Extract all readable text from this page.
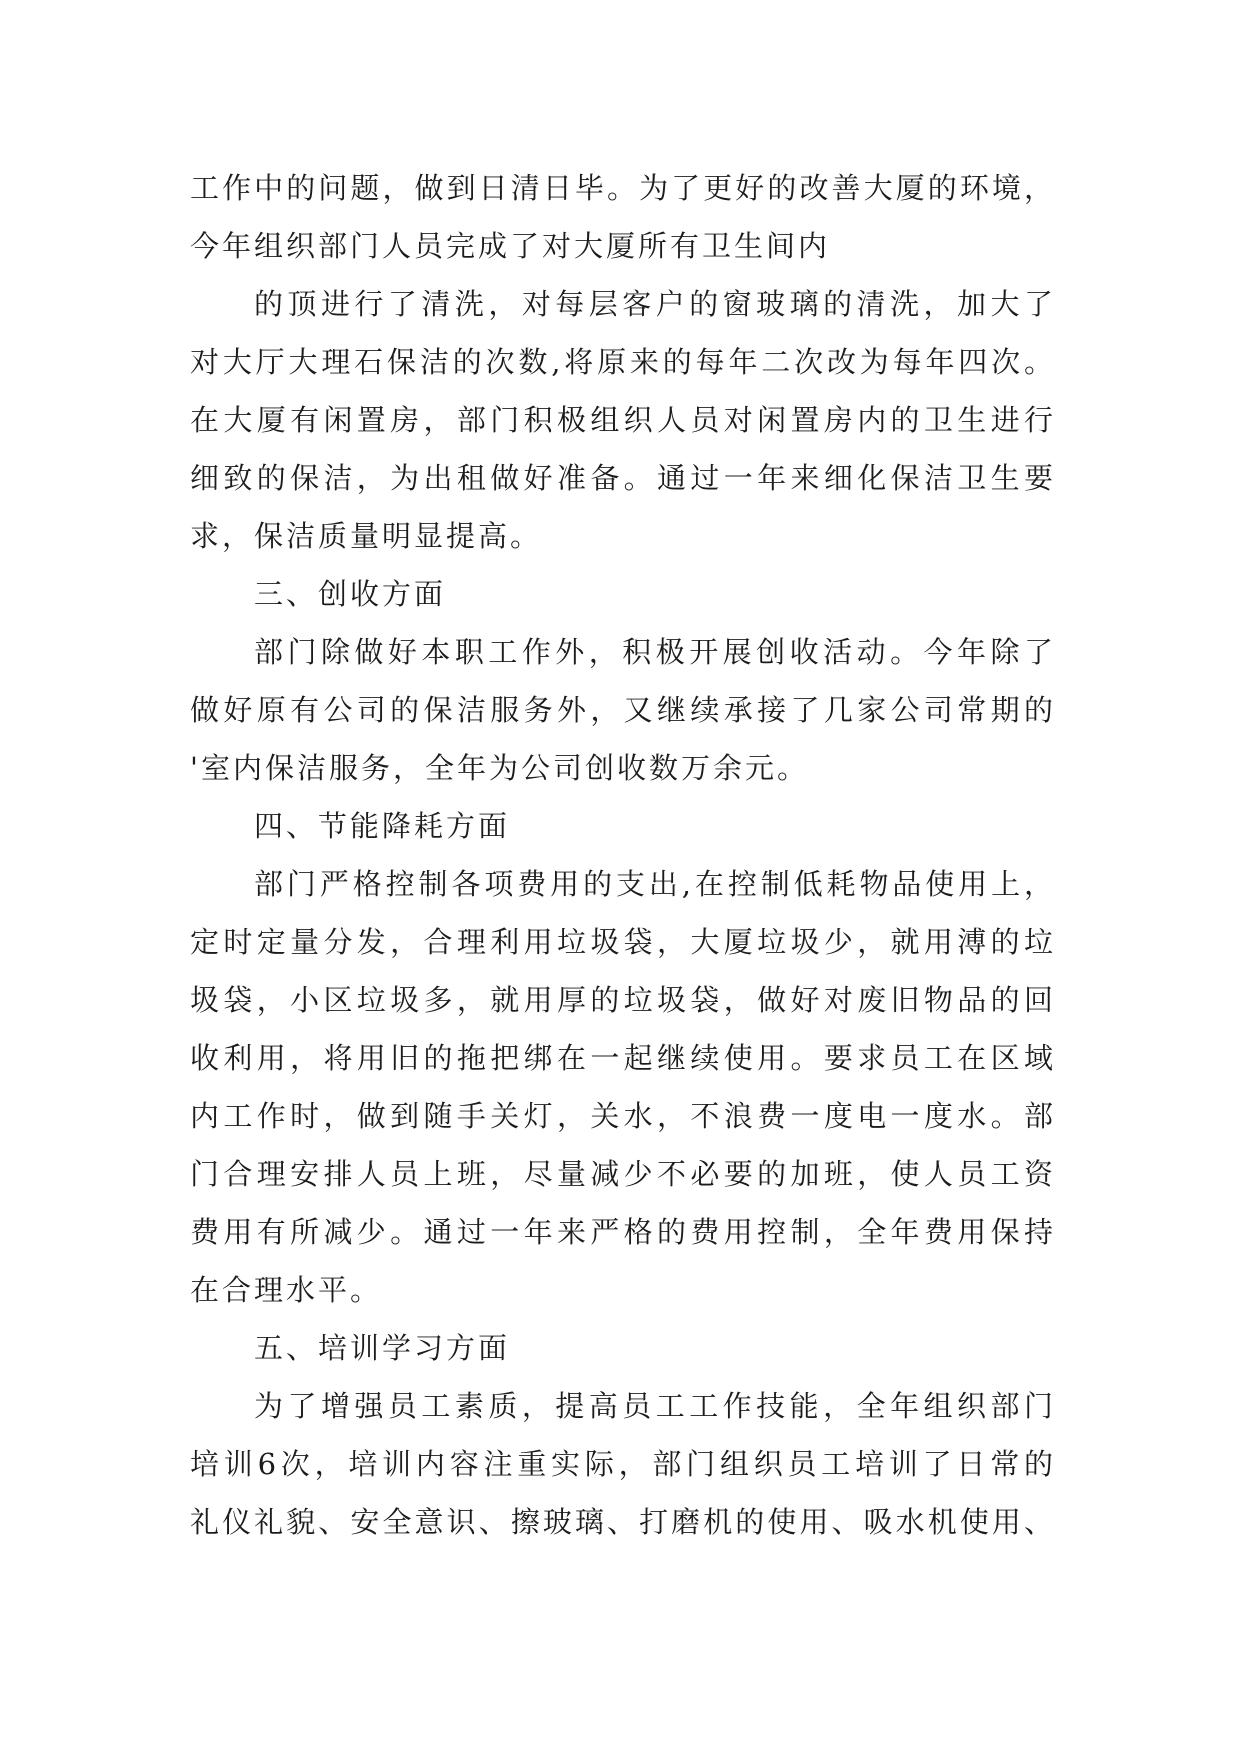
工作中的问题，做到日清日毕。为了更好的改善大厦的环境，
今年组织部门人员完成了对大厦所有卫生间内
的顶进行了清洗，对每层客户的窗玻璃的清洗，加大了
对大厅大理石保洁的次数,将原来的每年二次改为每年四次。
在大厦有闲置房，部门积极组织人员对闲置房内的卫生进行
细致的保洁，为出租做好准备。通过一年来细化保洁卫生要
求，保洁质量明显提高。
三、创收方面
部门除做好本职工作外，积极开展创收活动。今年除了
做好原有公司的保洁服务外，又继续承接了几家公司常期的
'室内保洁服务，全年为公司创收数万余元。
四、节能降耗方面
部门严格控制各项费用的支出,在控制低耗物品使用上，
定时定量分发，合理利用垃圾袋，大厦垃圾少，就用溥的垃
圾袋，小区垃圾多，就用厚的垃圾袋，做好对废旧物品的回
收利用，将用旧的拖把绑在一起继续使用。要求员工在区域
内工作时，做到随手关灯，关水，不浪费一度电一度水。部
门合理安排人员上班，尽量减少不必要的加班，使人员工资
费用有所减少。通过一年来严格的费用控制，全年费用保持
在合理水平。
五、培训学习方面
为了增强员工素质，提高员工工作技能，全年组织部门
培训6次，培训内容注重实际，部门组织员工培训了日常的
礼仪礼貌、安全意识、擦玻璃、打磨机的使用、吸水机使用、
